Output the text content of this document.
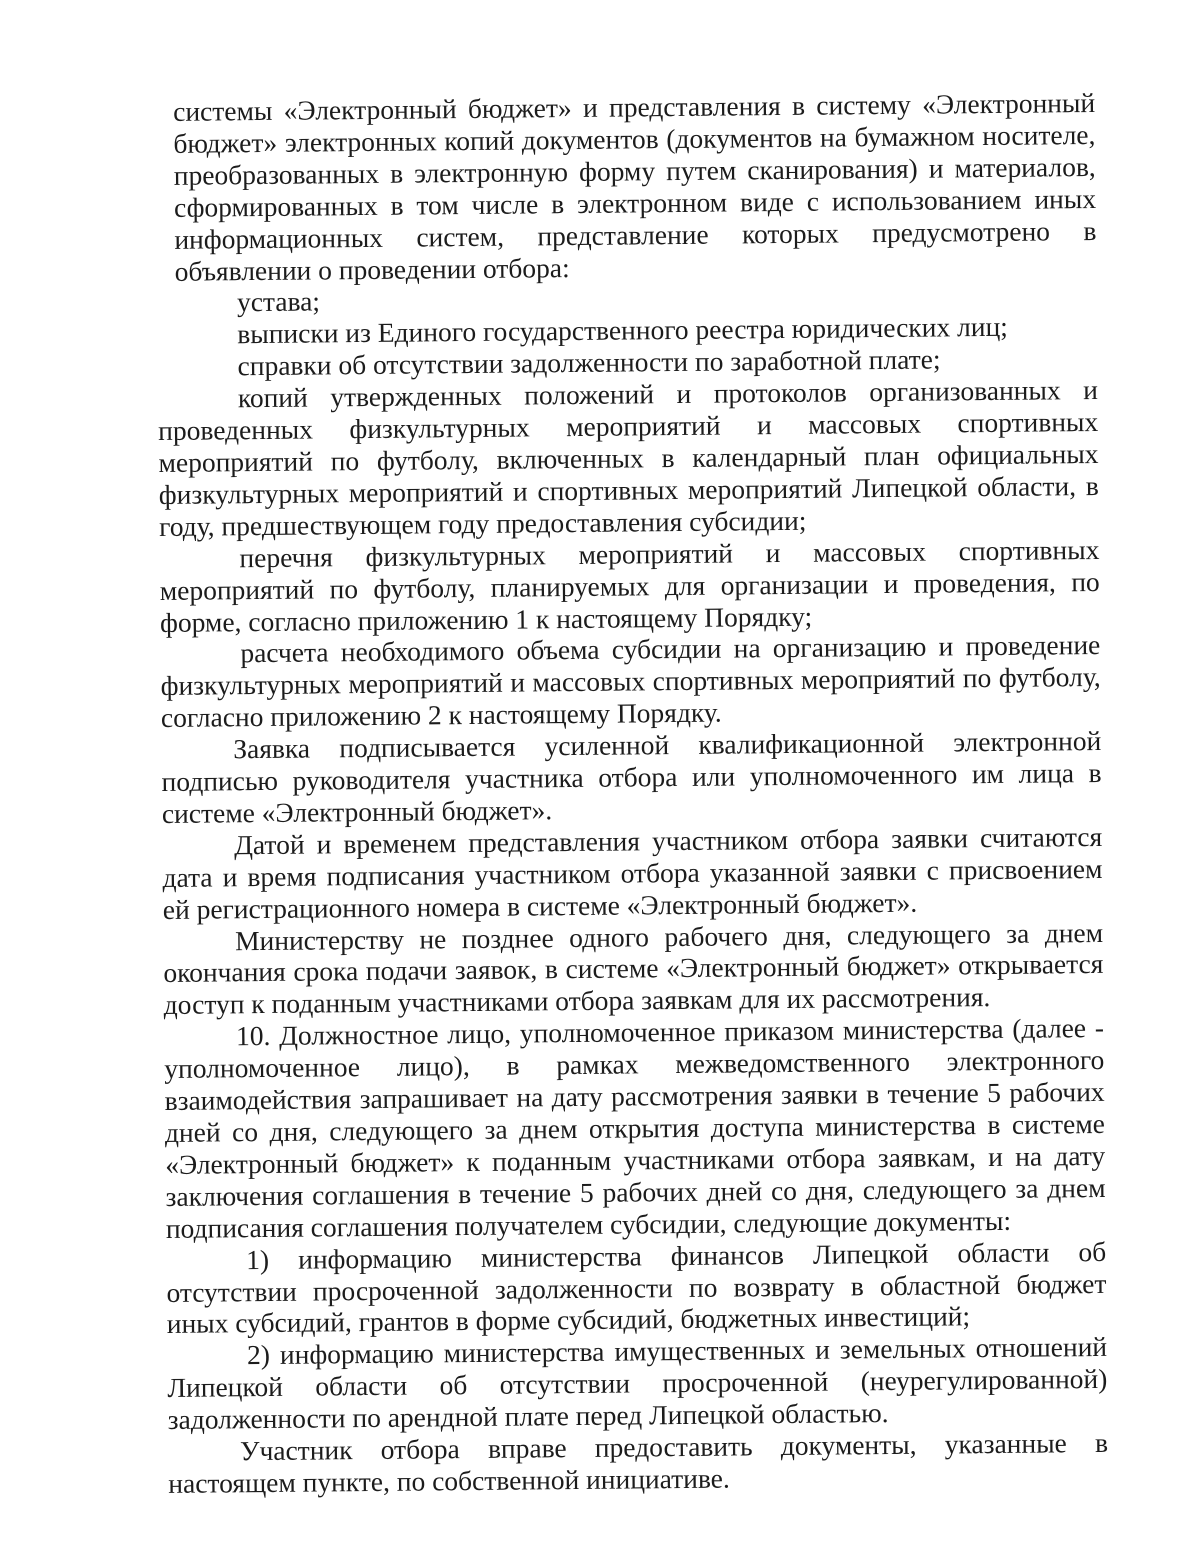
системы «Электронный бюджет» и представления в систему «Электронный бюджет» электронных копий документов (документов на бумажном носителе, преобразованных в электронную форму путем сканирования) и материалов, сформированных в том числе в электронном виде с использованием иных информационных систем, представление которых предусмотрено в объявлении о проведении отбора:

устава;

выписки из Единого государственного реестра юридических лиц;

справки об отсутствии задолженности по заработной плате;

копий утвержденных положений и протоколов организованных и проведенных физкультурных мероприятий и массовых спортивных мероприятий по футболу, включенных в календарный план официальных физкультурных мероприятий и спортивных мероприятий Липецкой области, в году, предшествующем году предоставления субсидии;

перечня физкультурных мероприятий и массовых спортивных мероприятий по футболу, планируемых для организации и проведения, по форме, согласно приложению 1 к настоящему Порядку;

расчета необходимого объема субсидии на организацию и проведение физкультурных мероприятий и массовых спортивных мероприятий по футболу, согласно приложению 2 к настоящему Порядку.

Заявка подписывается усиленной квалификационной электронной подписью руководителя участника отбора или уполномоченного им лица в системе «Электронный бюджет».

Датой и временем представления участником отбора заявки считаются дата и время подписания участником отбора указанной заявки с присвоением ей регистрационного номера в системе «Электронный бюджет».

Министерству не позднее одного рабочего дня, следующего за днем окончания срока подачи заявок, в системе «Электронный бюджет» открывается доступ к поданным участниками отбора заявкам для их рассмотрения.

10. Должностное лицо, уполномоченное приказом министерства (далее - уполномоченное лицо), в рамках межведомственного электронного взаимодействия запрашивает на дату рассмотрения заявки в течение 5 рабочих дней со дня, следующего за днем открытия доступа министерства в системе «Электронный бюджет» к поданным участниками отбора заявкам, и на дату заключения соглашения в течение 5 рабочих дней со дня, следующего за днем подписания соглашения получателем субсидии, следующие документы:

1) информацию министерства финансов Липецкой области об отсутствии просроченной задолженности по возврату в областной бюджет иных субсидий, грантов в форме субсидий, бюджетных инвестиций;

2) информацию министерства имущественных и земельных отношений Липецкой области об отсутствии просроченной (неурегулированной) задолженности по арендной плате перед Липецкой областью.

Участник отбора вправе предоставить документы, указанные в настоящем пункте, по собственной инициативе.
